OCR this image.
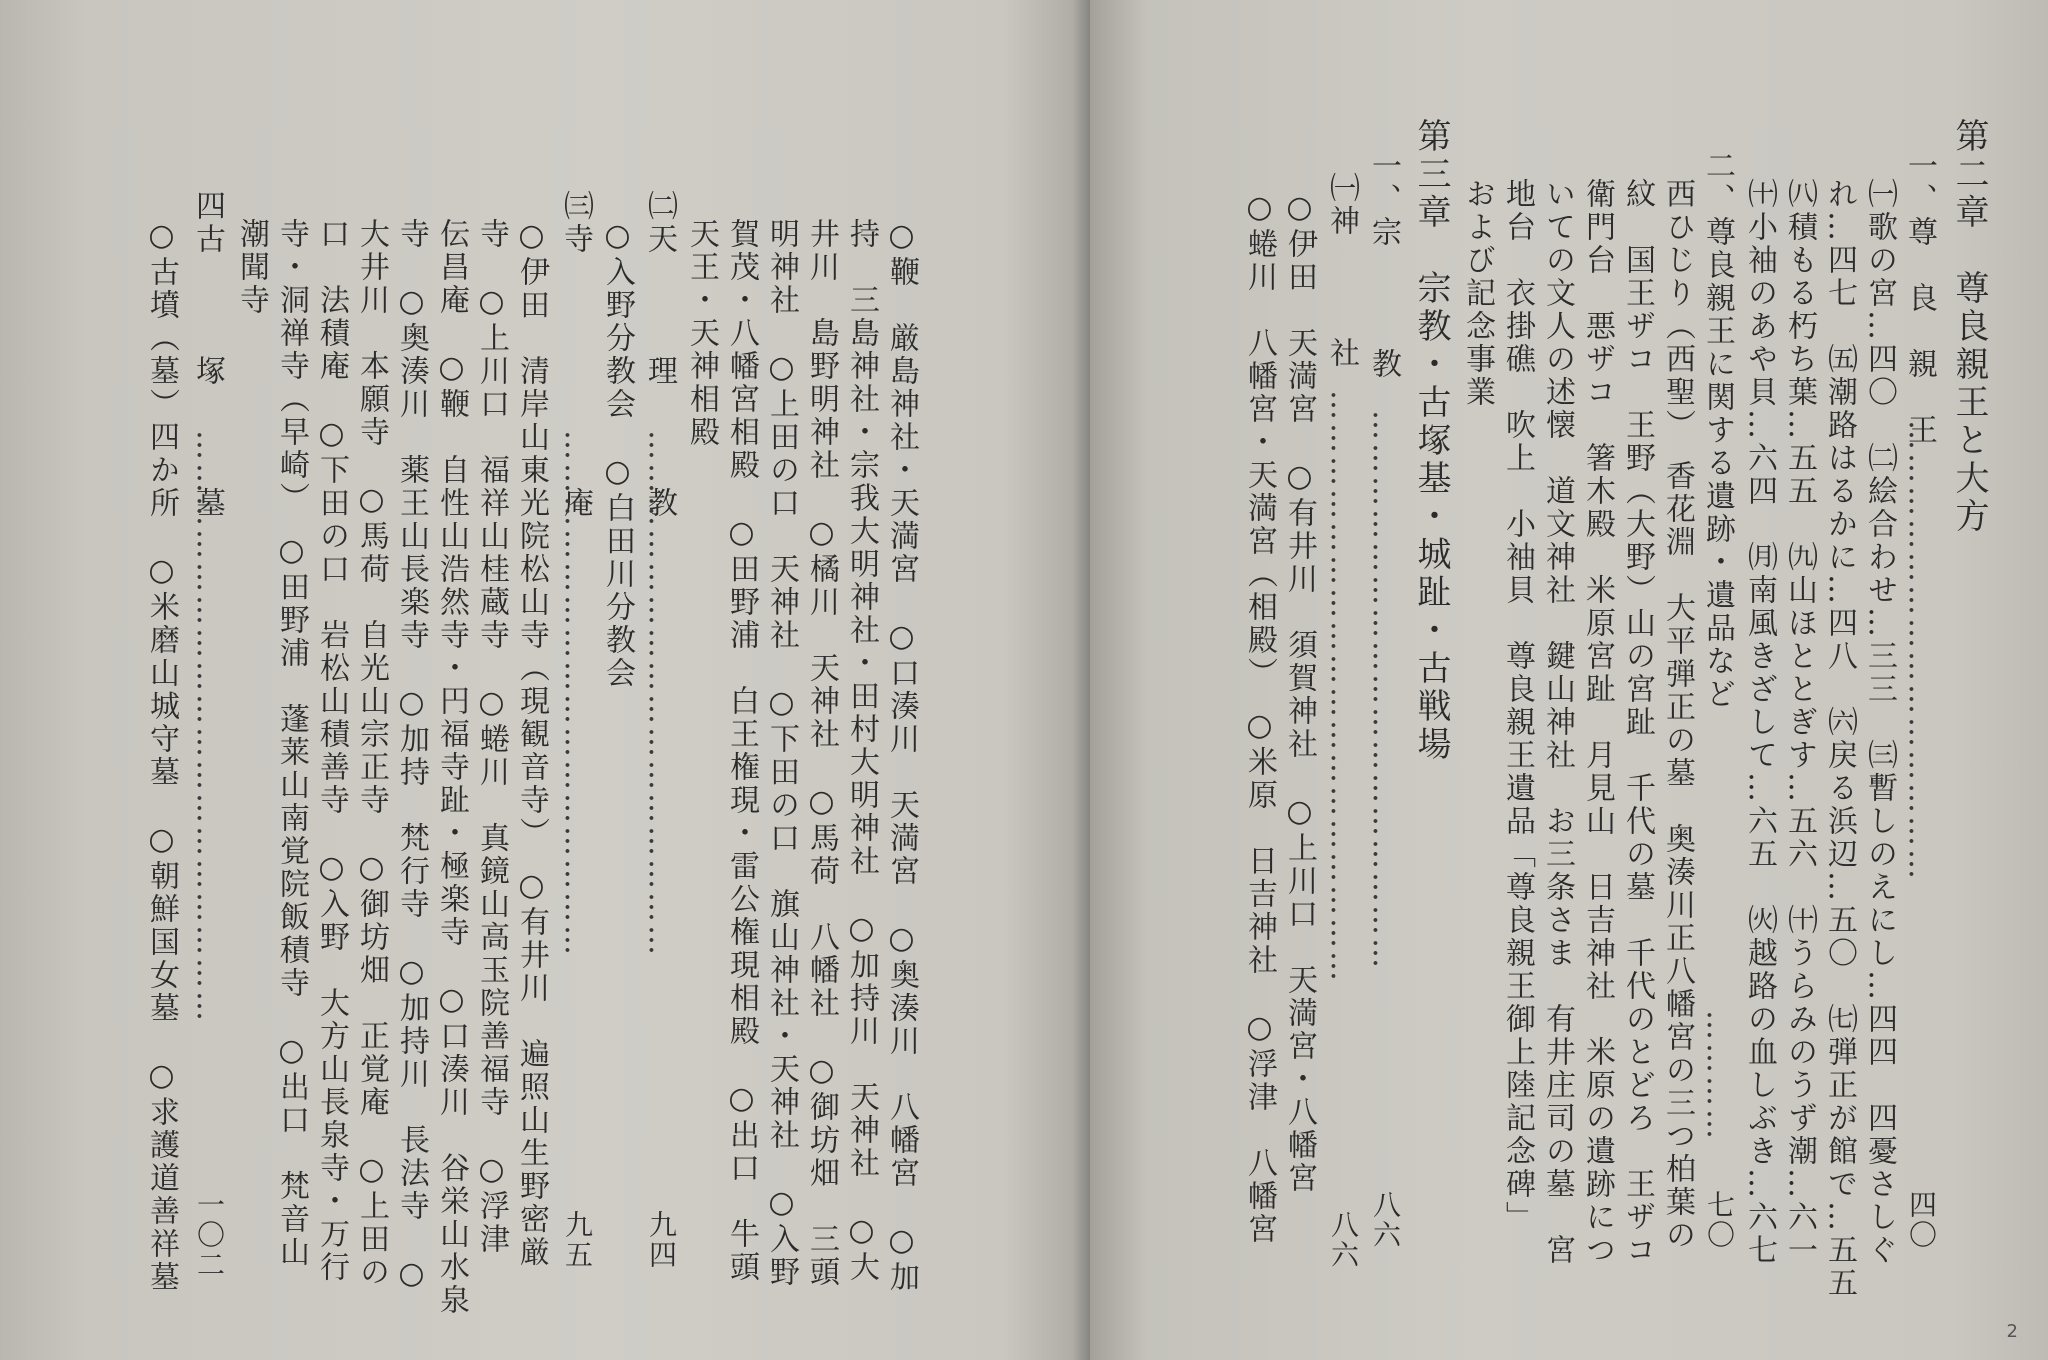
○鞭　厳島神社・天満宮　○口湊川　天満宮　○奥湊川　八幡宮　○加
持　三島神社・宗我大明神社・田村大明神社　○加持川　天神社　○大
井川　島野明神社　○橘川　天神社　○馬荷　八幡社　○御坊畑　三頭
明神社　○上田の口　天神社　○下田の口　旗山神社・天神社　○入野
賀茂・八幡宮相殿　○田野浦　白王権現・雷公権現相殿　○出口　牛頭
天王・天神相殿
㈡天　　　理　　　教
…………………………………………
九四
○入野分教会　○白田川分教会
㈢寺　　　　　　　庵
…………………………………………
九五
○伊田　清岸山東光院松山寺（現観音寺）　○有井川　遍照山生野密厳
寺　○上川口　福祥山桂蔵寺　○蜷川　真鏡山高玉院善福寺　○浮津
伝昌庵　○鞭　自性山浩然寺・円福寺趾・極楽寺　○口湊川　谷栄山水泉
寺　○奥湊川　薬王山長楽寺　○加持　梵行寺　○加持川　長法寺　○
大井川　本願寺　○馬荷　自光山宗正寺　○御坊畑　正覚庵　○上田の
口　法積庵　○下田の口　岩松山積善寺　○入野　大方山長泉寺・万行
寺・洞禅寺（早崎）　○田野浦　蓬莱山南覚院飯積寺　○出口　梵音山
潮聞寺
四古　　　塚　　　墓
………………………………………………
一〇二
○古墳（墓）四か所　○米磨山城守墓　○朝鮮国女墓　○求護道善祥墓	第二章　尊良親王と大方
一、尊　良　親　王
……………………………………
四〇
㈠歌の宮…四〇　㈡絵合わせ…三三　㈢暫しのえにし…四四　四憂さしぐ
れ…四七　㈤潮路はるかに…四八　㈥戻る浜辺…五〇　㈦弾正が館で…五五
㈧積もる朽ち葉…五五　㈨山ほととぎす…五六　㈩うらみのうず潮…六一
㈩小袖のあや貝…六四　㈪南風きざして…六五　㈫越路の血しぶき…六七
二、尊良親王に関する遺跡・遺品など
…………
七〇
西ひじり（西聖）　香花淵　大平弾正の墓　奥湊川正八幡宮の三つ柏葉の
紋　国王ザコ　王野（大野）山の宮趾　千代の墓　千代のとどろ　王ザコ
衛門台　悪ザコ　箸木殿　米原宮趾　月見山　日吉神社　米原の遺跡につ
いての文人の述懐　道文神社　鍵山神社　お三条さま　有井庄司の墓　宮
地台　衣掛礁　吹上　小袖貝　尊良親王遺品「尊良親王御上陸記念碑」
および記念事業
第三章　宗教・古塚基・城趾・古戦場
一、宗　　　教
……………………………………………
八六
㈠神　　　社
………………………………………………
八六
○伊田　天満宮　○有井川　須賀神社　○上川口　天満宮・八幡宮
○蜷川　八幡宮・天満宮（相殿）　○米原　日吉神社　○浮津　八幡宮
2
